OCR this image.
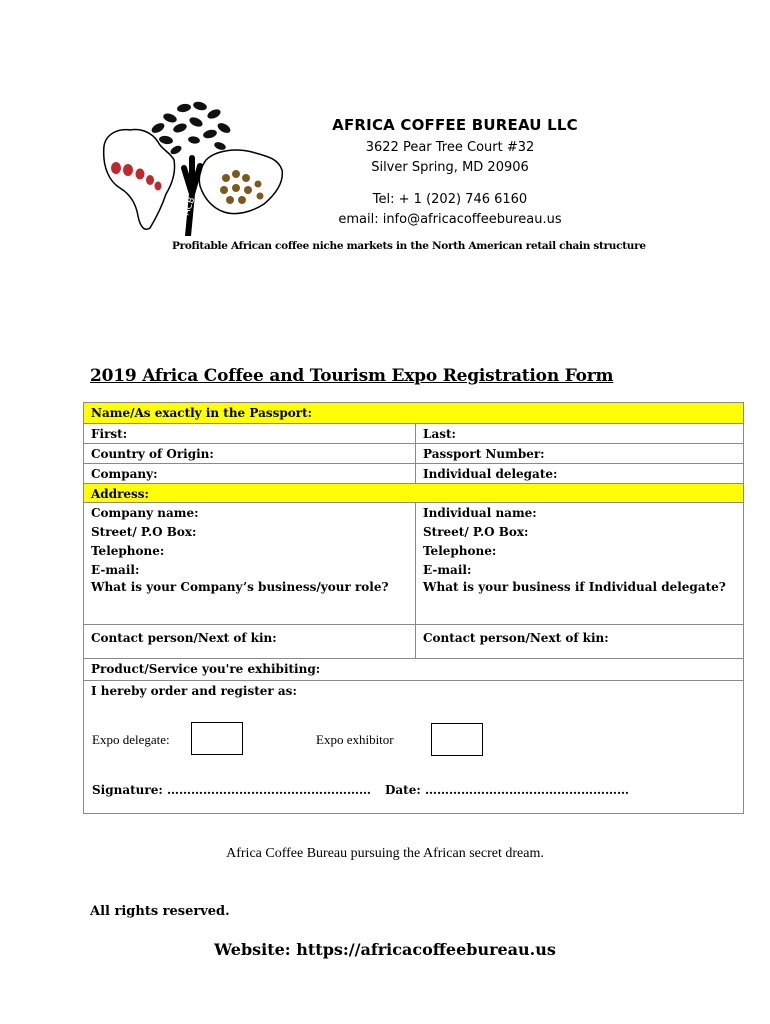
ACB
AFRICA COFFEE BUREAU LLC
3622 Pear Tree Court #32
Silver Spring, MD 20906
Tel: + 1 (202) 746 6160
email: info@africacoffeebureau.us
Profitable African coffee niche markets in the North American retail chain structure
2019 Africa Coffee and Tourism Expo Registration Form
Name/As exactly in the Passport:
First:	Last:
Country of Origin:	Passport Number:
Company:	Individual delegate:
Address:
Company name:	Individual name:
Street/ P.O Box:	Street/ P.O Box:
Telephone:	Telephone:
E-mail:	E-mail:
What is your Company’s business/your role?	What is your business if Individual delegate?
Contact person/Next of kin:	Contact person/Next of kin:
Product/Service you're exhibiting:
I hereby order and register as:
Expo delegate:	Expo exhibitor
Signature: …………………………………………… Date: ……………………………………………
Africa Coffee Bureau pursuing the African secret dream.
All rights reserved.
Website: https://africacoffeebureau.us
